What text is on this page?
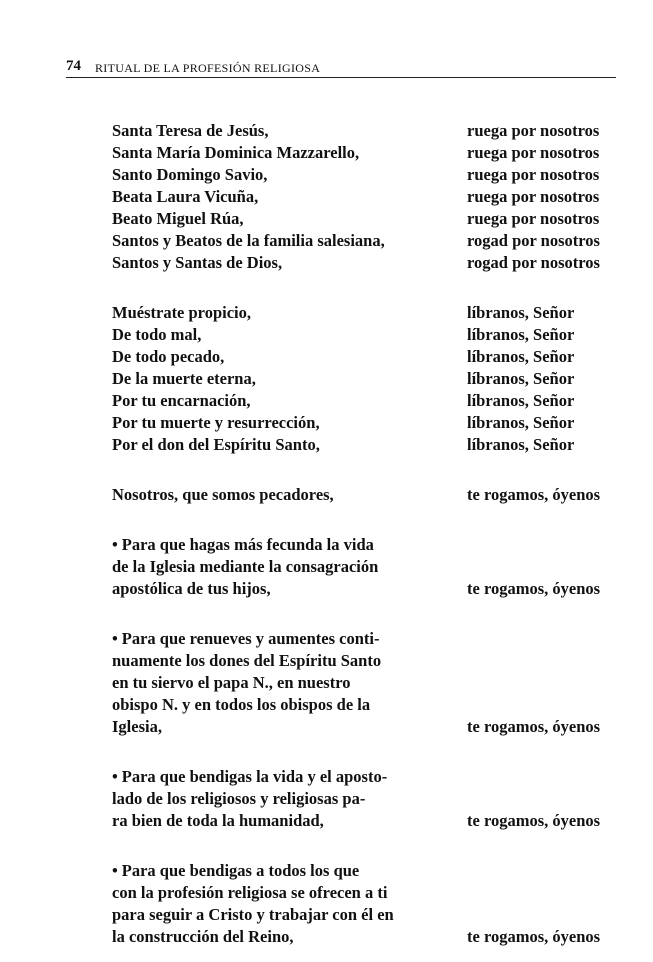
74 RITUAL DE LA PROFESIÓN RELIGIOSA
Santa Teresa de Jesús,	ruega por nosotros
Santa María Dominica Mazzarello,	ruega por nosotros
Santo Domingo Savio,	ruega por nosotros
Beata Laura Vicuña,	ruega por nosotros
Beato Miguel Rúa,	ruega por nosotros
Santos y Beatos de la familia salesiana,	rogad por nosotros
Santos y Santas de Dios,	rogad por nosotros
Muéstrate propicio,	líbranos, Señor
De todo mal,	líbranos, Señor
De todo pecado,	líbranos, Señor
De la muerte eterna,	líbranos, Señor
Por tu encarnación,	líbranos, Señor
Por tu muerte y resurrección,	líbranos, Señor
Por el don del Espíritu Santo,	líbranos, Señor
Nosotros, que somos pecadores,	te rogamos, óyenos
• Para que hagas más fecunda la vida
de la Iglesia mediante la consagración
apostólica de tus hijos,	te rogamos, óyenos
• Para que renueves y aumentes conti-
nuamente los dones del Espíritu Santo
en tu siervo el papa N., en nuestro
obispo N. y en todos los obispos de la
Iglesia,	te rogamos, óyenos
• Para que bendigas la vida y el aposto-
lado de los religiosos y religiosas pa-
ra bien de toda la humanidad,	te rogamos, óyenos
• Para que bendigas a todos los que
con la profesión religiosa se ofrecen a ti
para seguir a Cristo y trabajar con él en
la construcción del Reino,	te rogamos, óyenos
